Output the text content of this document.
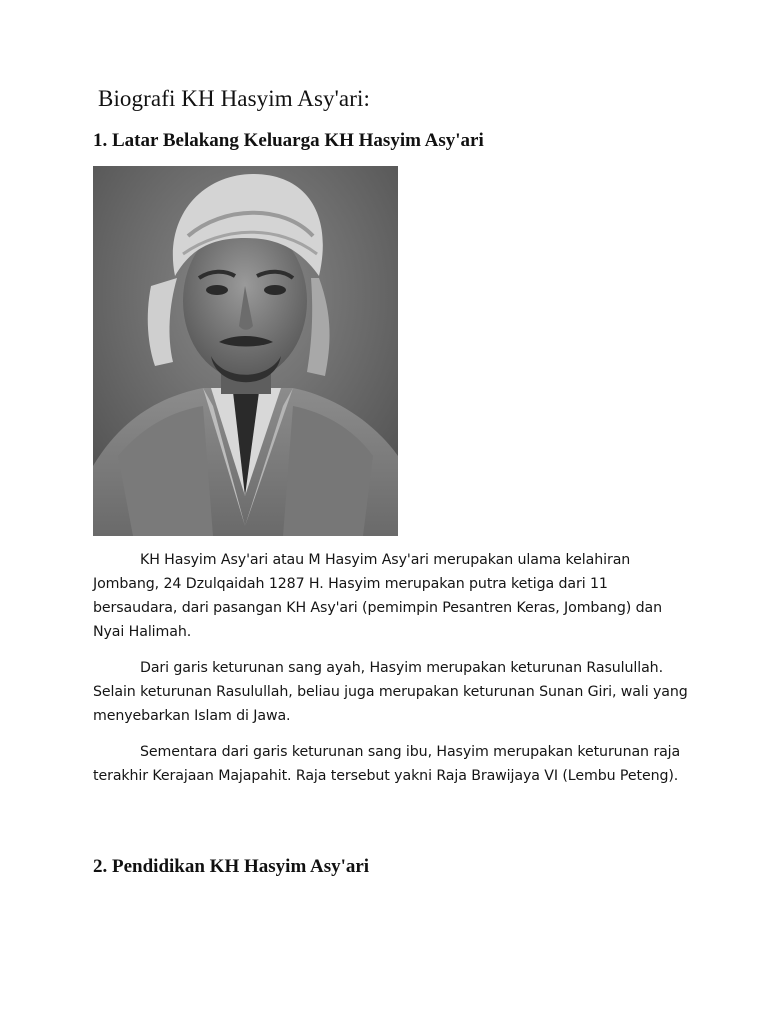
Biografi KH Hasyim Asy'ari:
1. Latar Belakang Keluarga KH Hasyim Asy'ari

KH Hasyim Asy'ari atau M Hasyim Asy'ari merupakan ulama kelahiran Jombang, 24 Dzulqaidah 1287 H. Hasyim merupakan putra ketiga dari 11 bersaudara, dari pasangan KH Asy'ari (pemimpin Pesantren Keras, Jombang) dan Nyai Halimah.

Dari garis keturunan sang ayah, Hasyim merupakan keturunan Rasulullah. Selain keturunan Rasulullah, beliau juga merupakan keturunan Sunan Giri, wali yang menyebarkan Islam di Jawa.

Sementara dari garis keturunan sang ibu, Hasyim merupakan keturunan raja terakhir Kerajaan Majapahit. Raja tersebut yakni Raja Brawijaya VI (Lembu Peteng).

2. Pendidikan KH Hasyim Asy'ari
